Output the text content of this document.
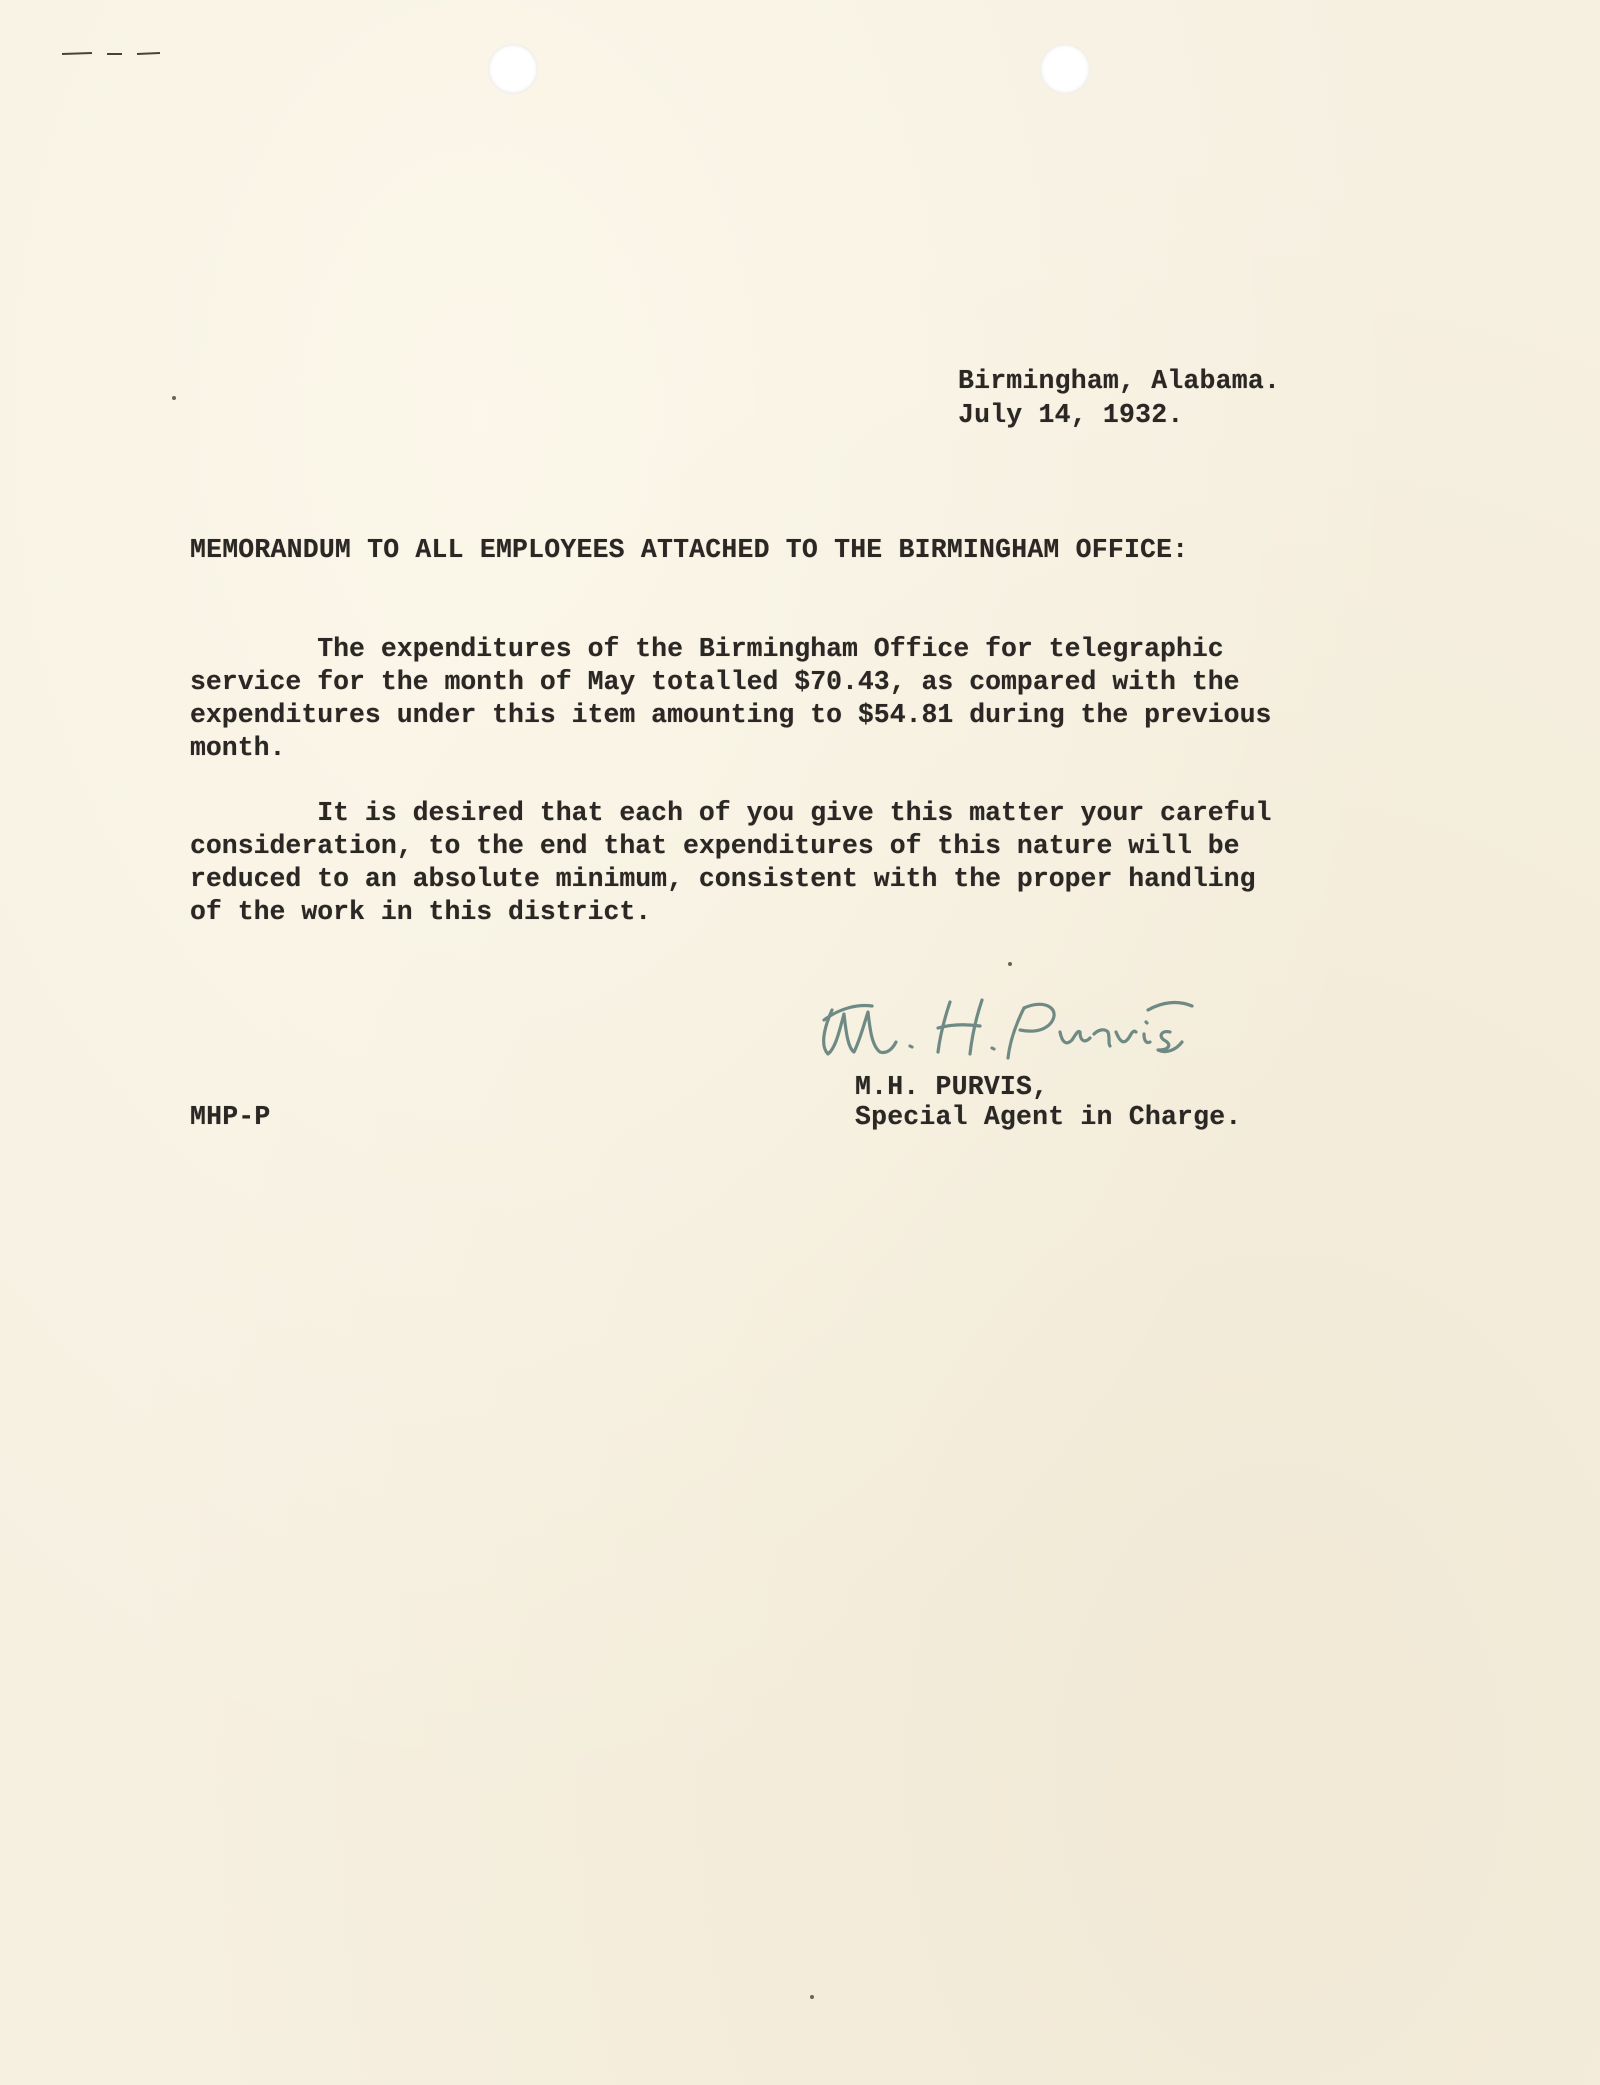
Birmingham, Alabama.
July 14, 1932.
MEMORANDUM TO ALL EMPLOYEES ATTACHED TO THE BIRMINGHAM OFFICE:
The expenditures of the Birmingham Office for telegraphic
service for the month of May totalled $70.43, as compared with the
expenditures under this item amounting to $54.81 during the previous
month.
It is desired that each of you give this matter your careful
consideration, to the end that expenditures of this nature will be
reduced to an absolute minimum, consistent with the proper handling
of the work in this district.
M.H. PURVIS,
Special Agent in Charge.
MHP-P
